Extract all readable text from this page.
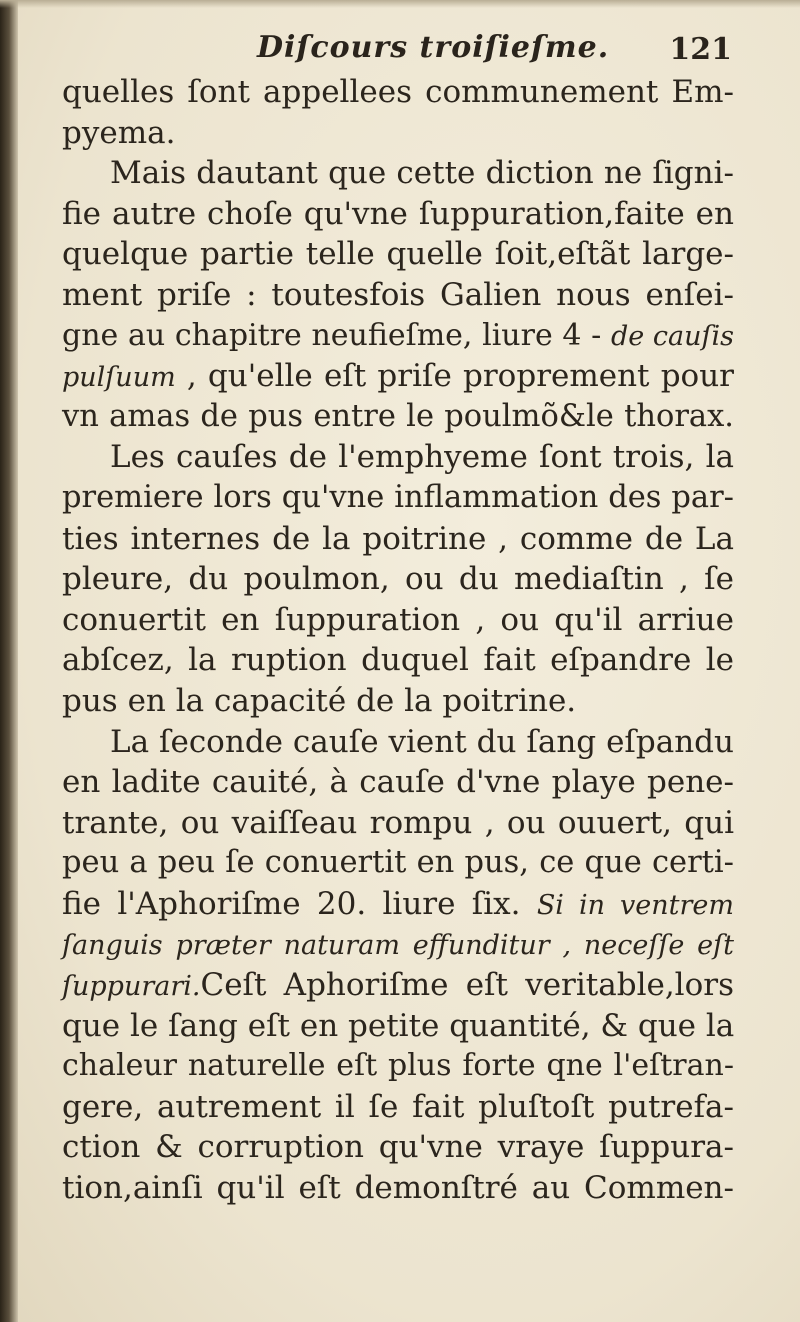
Diſcours troiſieſme. 121
quelles ſont appellees communement Em-
pyema.
Mais dautant que cette diction ne ſigni-
fie autre choſe qu'vne ſuppuration,faite en
quelque partie telle quelle ſoit,eſtãt large-
ment priſe : toutesfois Galien nous enſei-
gne au chapitre neufieſme, liure 4 - de cauſis
pulſuum , qu'elle eſt priſe proprement pour
vn amas de pus entre le poulmõ&le thorax.
Les cauſes de l'emphyeme ſont trois, la
premiere lors qu'vne inflammation des par-
ties internes de la poitrine , comme de La
pleure, du poulmon, ou du mediaſtin , ſe
conuertit en ſuppuration , ou qu'il arriue
abſcez, la ruption duquel fait eſpandre le
pus en la capacité de la poitrine.
La ſeconde cauſe vient du ſang eſpandu
en ladite cauité, à cauſe d'vne playe pene-
trante, ou vaiſſeau rompu , ou ouuert, qui
peu a peu ſe conuertit en pus, ce que certi-
fie l'Aphoriſme 20. liure ſix. Si in ventrem
ſanguis præter naturam effunditur , neceſſe eſt
ſuppurari.Ceſt Aphoriſme eſt veritable,lors
que le ſang eſt en petite quantité, & que la
chaleur naturelle eſt plus forte qne l'eſtran-
gere, autrement il ſe fait pluſtoſt putrefa-
ction & corruption qu'vne vraye ſuppura-
tion,ainſi qu'il eſt demonſtré au Commen-
